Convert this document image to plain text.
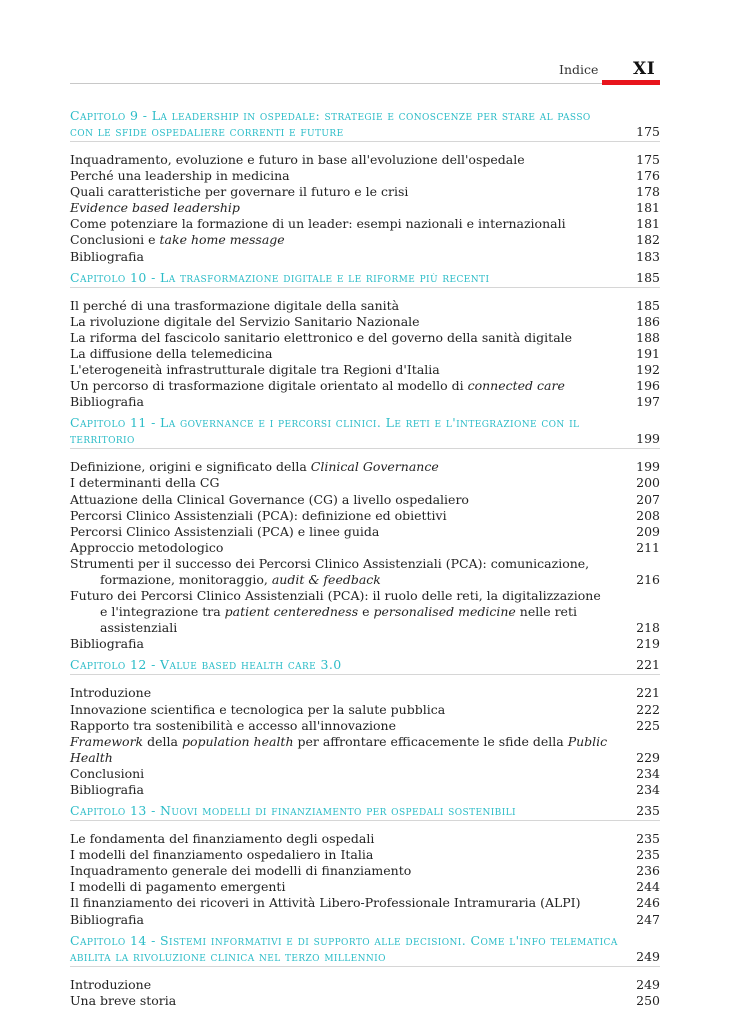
Indice XI
Capitolo 9 - La leadership in ospedale: strategie e conoscenze per stare al passo con le sfide ospedaliere correnti e future	175
Inquadramento, evoluzione e futuro in base all'evoluzione dell'ospedale	175
Perché una leadership in medicina	176
Quali caratteristiche per governare il futuro e le crisi	178
Evidence based leadership	181
Come potenziare la formazione di un leader: esempi nazionali e internazionali	181
Conclusioni e take home message	182
Bibliografia	183
Capitolo 10 - La trasformazione digitale e le riforme più recenti	185
Il perché di una trasformazione digitale della sanità	185
La rivoluzione digitale del Servizio Sanitario Nazionale	186
La riforma del fascicolo sanitario elettronico e del governo della sanità digitale	188
La diffusione della telemedicina	191
L'eterogeneità infrastrutturale digitale tra Regioni d'Italia	192
Un percorso di trasformazione digitale orientato al modello di connected care	196
Bibliografia	197
Capitolo 11 - La governance e i percorsi clinici. Le reti e l'integrazione con il territorio	199
Definizione, origini e significato della Clinical Governance	199
I determinanti della CG	200
Attuazione della Clinical Governance (CG) a livello ospedaliero	207
Percorsi Clinico Assistenziali (PCA): definizione ed obiettivi	208
Percorsi Clinico Assistenziali (PCA) e linee guida	209
Approccio metodologico	211
Strumenti per il successo dei Percorsi Clinico Assistenziali (PCA): comunicazione,
formazione, monitoraggio, audit & feedback	216
Futuro dei Percorsi Clinico Assistenziali (PCA): il ruolo delle reti, la digitalizzazione
e l'integrazione tra patient centeredness e personalised medicine nelle reti assistenziali	218
Bibliografia	219
Capitolo 12 - Value based health care 3.0	221
Introduzione	221
Innovazione scientifica e tecnologica per la salute pubblica	222
Rapporto tra sostenibilità e accesso all'innovazione	225
Framework della population health per affrontare efficacemente le sfide della Public Health	229
Conclusioni	234
Bibliografia	234
Capitolo 13 - Nuovi modelli di finanziamento per ospedali sostenibili	235
Le fondamenta del finanziamento degli ospedali	235
I modelli del finanziamento ospedaliero in Italia	235
Inquadramento generale dei modelli di finanziamento	236
I modelli di pagamento emergenti	244
Il finanziamento dei ricoveri in Attività Libero-Professionale Intramuraria (ALPI)	246
Bibliografia	247
Capitolo 14 - Sistemi informativi e di supporto alle decisioni. Come l'info telematica abilita la rivoluzione clinica nel terzo millennio	249
Introduzione	249
Una breve storia	250
